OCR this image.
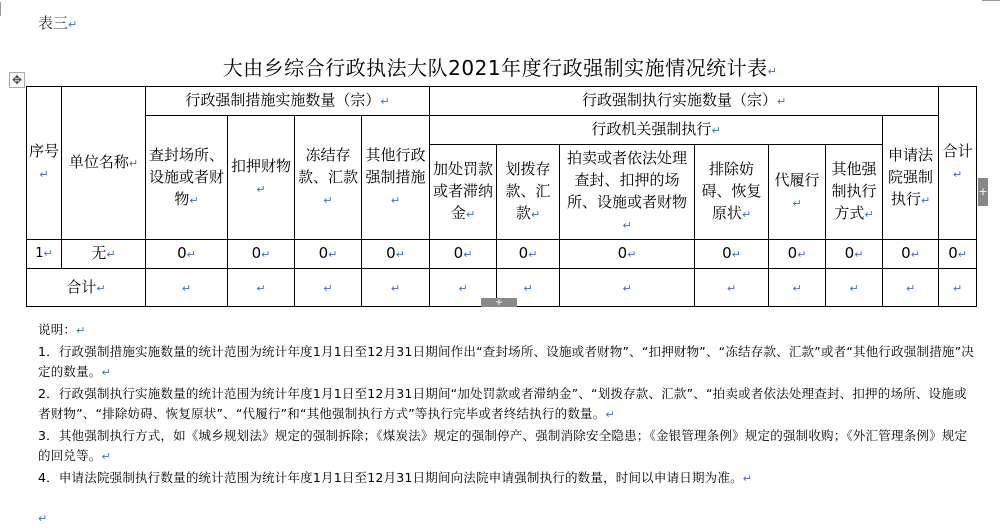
表三↵
大由乡综合行政执法大队2021年度行政强制实施情况统计表↵
✥
序号↵	单位名称↵	行政强制措施实施数量（宗）↵				行政强制执行实施数量（宗）↵							合计↵
		查封场所、设施或者财物↵	扣押财物↵	冻结存款、汇款↵	其他行政强制措施↵	行政机关强制执行↵						申请法院强制执行↵	
						加处罚款或者滞纳金↵	划拨存款、汇款↵	拍卖或者依法处理查封、扣押的场所、设施或者财物↵	排除妨碍、恢复原状↵	代履行↵	其他强制执行方式↵		
1↵	无↵	0↵	0↵	0↵	0↵	0↵	0↵	0↵	0↵	0↵	0↵	0↵	0↵
合计↵		↵	↵	↵	↵	↵	↵	↵	↵	↵	↵	↵	↵
+
+

说明：↵

1．行政强制措施实施数量的统计范围为统计年度1月1日至12月31日期间作出“查封场所、设施或者财物”、“扣押财物”、“冻结存款、汇款”或者“其他行政强制措施”决定的数量。↵

2．行政强制执行实施数量的统计范围为统计年度1月1日至12月31日期间“加处罚款或者滞纳金”、“划拨存款、汇款”、“拍卖或者依法处理查封、扣押的场所、设施或者财物”、“排除妨碍、恢复原状”、“代履行”和“其他强制执行方式”等执行完毕或者终结执行的数量。↵

3．其他强制执行方式，如《城乡规划法》规定的强制拆除；《煤炭法》规定的强制停产、强制消除安全隐患；《金银管理条例》规定的强制收购；《外汇管理条例》规定的回兑等。↵

4．申请法院强制执行数量的统计范围为统计年度1月1日至12月31日期间向法院申请强制执行的数量，时间以申请日期为准。↵

↵
